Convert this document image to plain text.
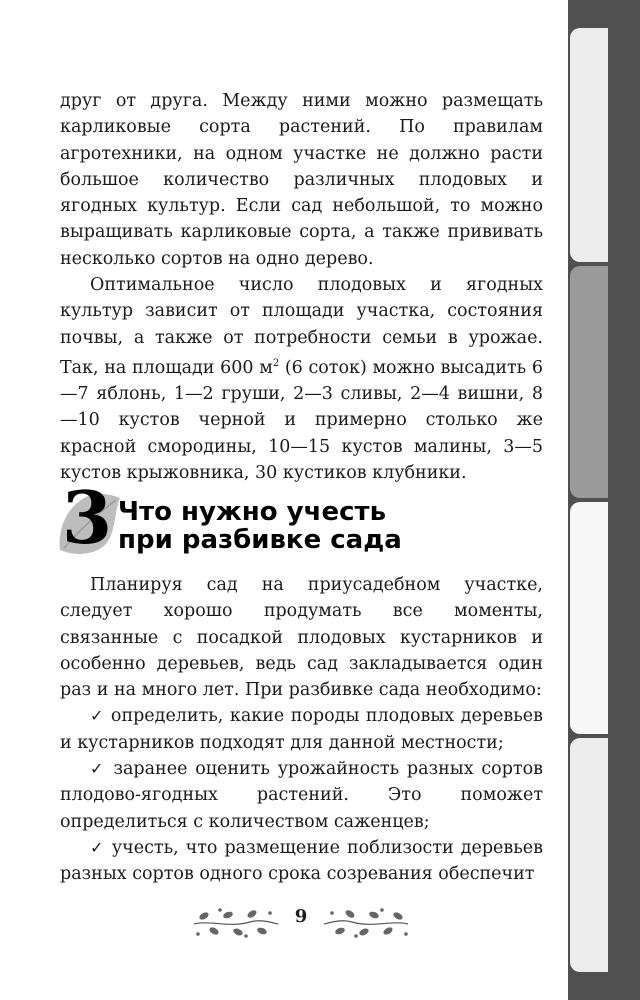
друг от друга. Между ними можно размещать карликовые сорта растений. По правилам агротехники, на одном участке не должно расти большое количество различных плодовых и ягодных культур. Если сад небольшой, то можно выращивать карликовые сорта, а также прививать несколько сортов на одно дерево.

Оптимальное число плодовых и ягодных культур зависит от площади участка, состояния почвы, а также от потребности семьи в урожае. Так, на площади 600 $м^2$ (6 соток) можно высадить 6—7 яблонь, 1—2 груши, 2—3 сливы, 2—4 вишни, 8—10 кустов черной и примерно столько же красной смородины, 10—15 кустов малины, 3—5 кустов крыжовника, 30 кустиков клубники.

3 Что нужно учесть
при разбивке сада

Планируя сад на приусадебном участке, следует хорошо продумать все моменты, связанные с посадкой плодовых кустарников и особенно деревьев, ведь сад закладывается один раз и на много лет. При разбивке сада необходимо:

✓ определить, какие породы плодовых деревьев и кустарников подходят для данной местности;

✓ заранее оценить урожайность разных сортов плодово-ягодных растений. Это поможет определиться с количеством саженцев;

✓ учесть, что размещение поблизости деревьев разных сортов одного срока созревания обеспечит

9
